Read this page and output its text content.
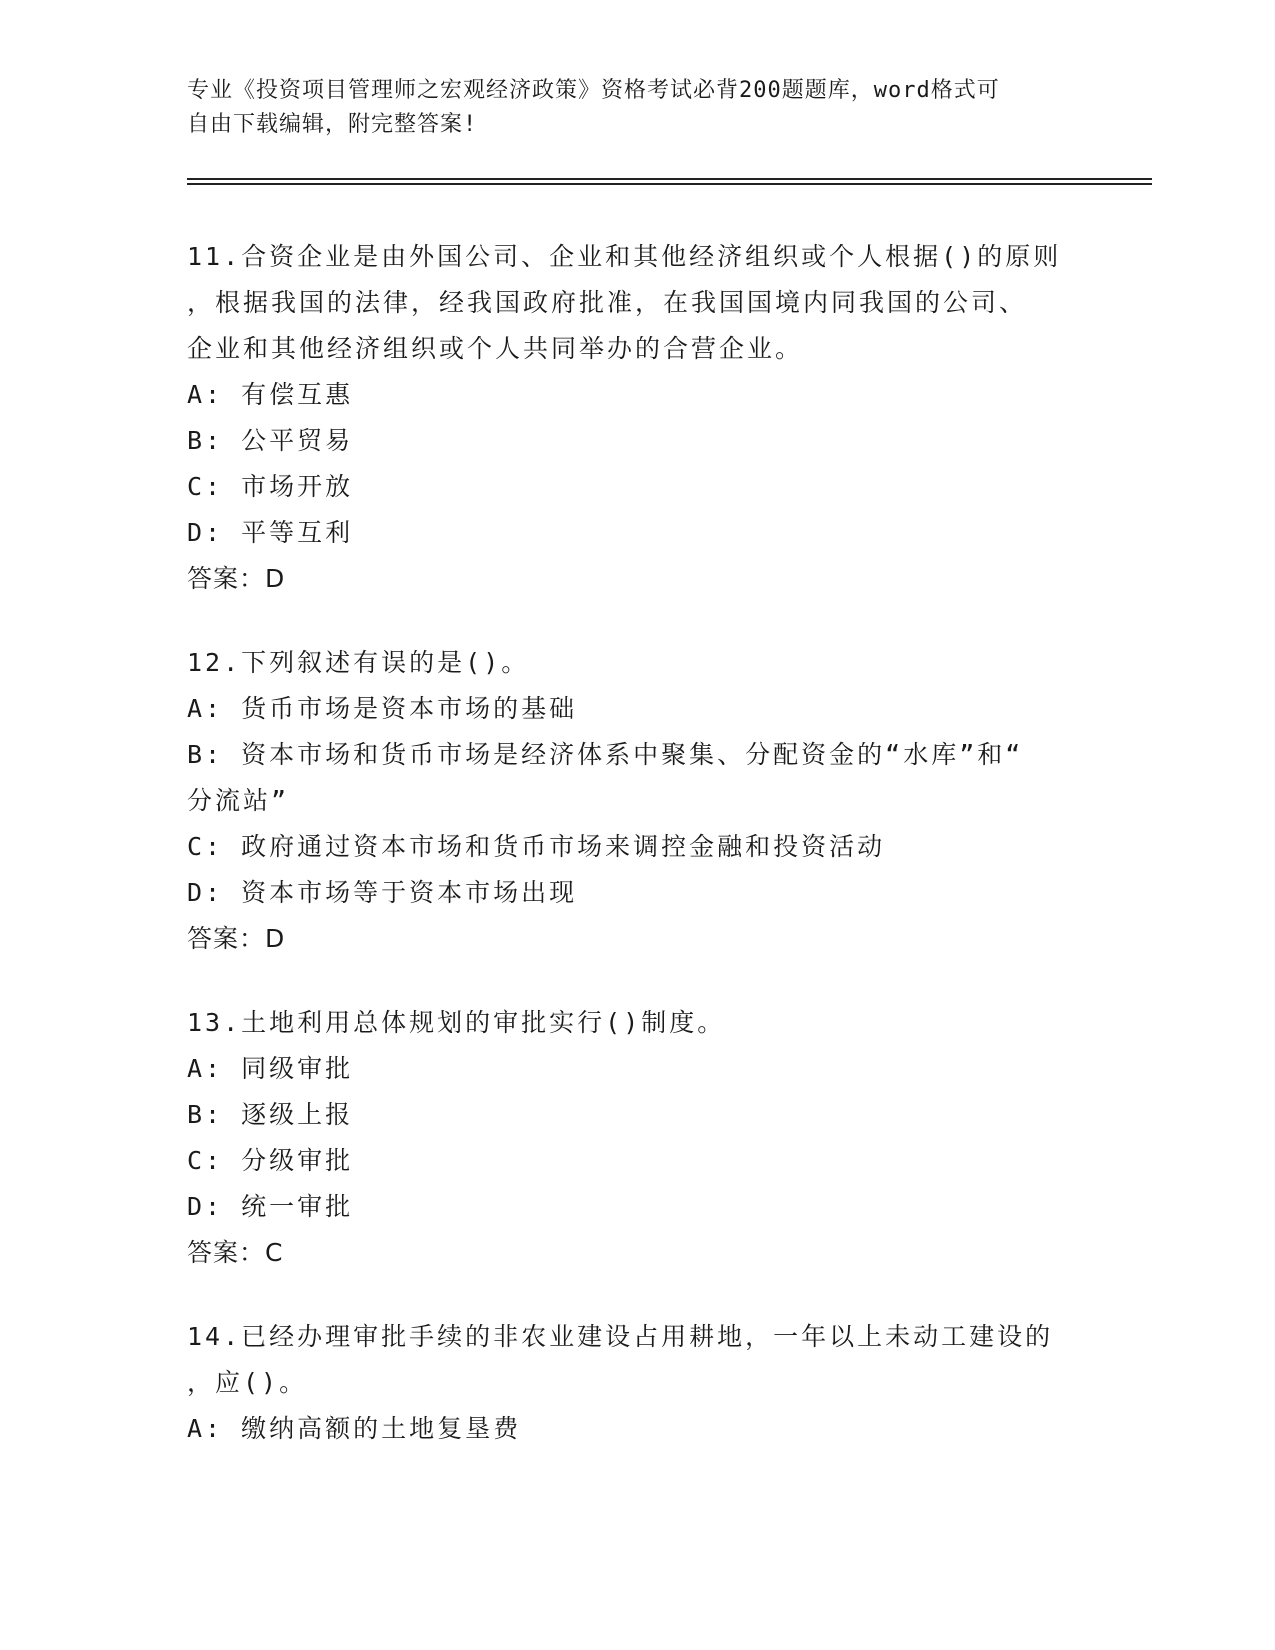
专业《投资项目管理师之宏观经济政策》资格考试必背200题题库，word格式可
自由下载编辑，附完整答案!
11.合资企业是由外国公司、企业和其他经济组织或个人根据()的原则
，根据我国的法律，经我国政府批准，在我国国境内同我国的公司、
企业和其他经济组织或个人共同举办的合营企业。
A: 有偿互惠
B: 公平贸易
C: 市场开放
D: 平等互利
答案：D
12.下列叙述有误的是()。
A: 货币市场是资本市场的基础
B: 资本市场和货币市场是经济体系中聚集、分配资金的“水库”和“
分流站”
C: 政府通过资本市场和货币市场来调控金融和投资活动
D: 资本市场等于资本市场出现
答案：D
13.土地利用总体规划的审批实行()制度。
A: 同级审批
B: 逐级上报
C: 分级审批
D: 统一审批
答案：C
14.已经办理审批手续的非农业建设占用耕地，一年以上未动工建设的
，应()。
A: 缴纳高额的土地复垦费
